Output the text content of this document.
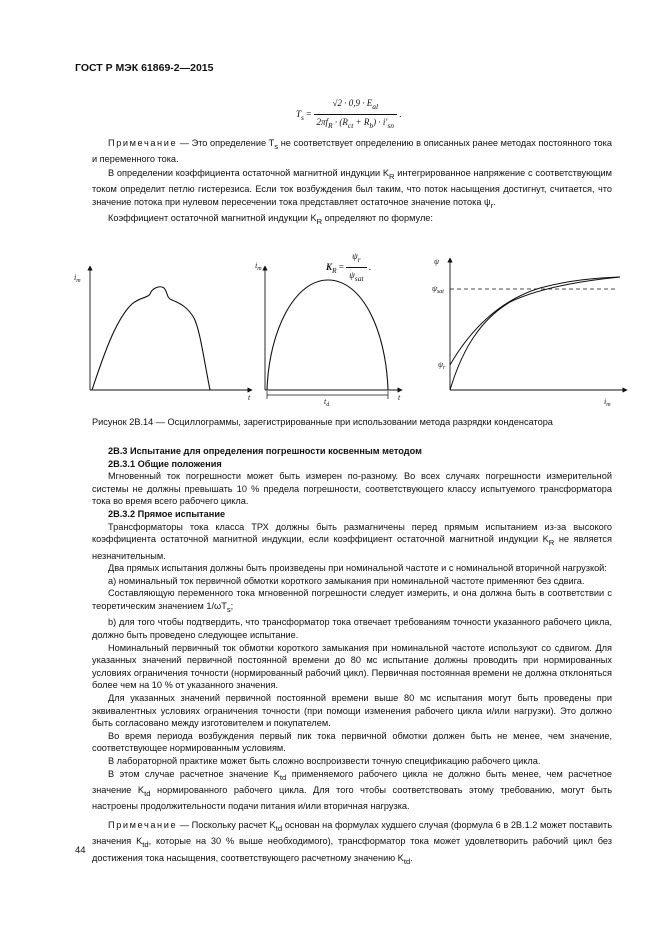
ГОСТ Р МЭК 61869-2—2015
$T_s = \frac{√2 \cdot 0,9 \cdot E_{al}}{2\pi f_R \cdot (R_{ct} + R_b) \cdot i'_{sn}}$ .

Примечание — Это определение $T_s$ не соответствует определению в описанных ранее методах постоянного тока и переменного тока.

В определении коэффициента остаточной магнитной индукции $K_R$ интегрированное напряжение с соответствующим током определит петлю гистерезиса. Если ток возбуждения был таким, что поток насыщения достигнут, считается, что значение потока при нулевом пересечении тока представляет остаточное значение потока $\psi_r$.

Коэффициент остаточной магнитной индукции $K_R$ определяют по формуле:

$K_R = \frac{\psi_r}{\psi_{sat}}$ .
$i_m$
t	$t_d$
$i_m$
t
ψ
$\psi_{sat}$
$\psi_r$
$i_m$
Рисунок 2В.14 — Осциллограммы, зарегистрированные при использовании метода разрядки конденсатора

2В.3 Испытание для определения погрешности косвенным методом

2В.3.1 Общие положения

Мгновенный ток погрешности может быть измерен по-разному. Во всех случаях погрешности измерительной системы не должны превышать 10 % предела погрешности, соответствующего классу испытуемого трансформатора тока во время всего рабочего цикла.

2В.3.2 Прямое испытание

Трансформаторы тока класса ТРХ должны быть размагничены перед прямым испытанием из-за высокого коэффициента остаточной магнитной индукции, если коэффициент остаточной магнитной индукции $K_R$ не является незначительным.

Два прямых испытания должны быть произведены при номинальной частоте и с номинальной вторичной нагрузкой:

а) номинальный ток первичной обмотки короткого замыкания при номинальной частоте применяют без сдвига.

Составляющую переменного тока мгновенной погрешности следует измерить, и она должна быть в соответствии с теоретическим значением $1/\omega T_s$;

b) для того чтобы подтвердить, что трансформатор тока отвечает требованиям точности указанного рабочего цикла, должно быть проведено следующее испытание.

Номинальный первичный ток обмотки короткого замыкания при номинальной частоте используют со сдвигом. Для указанных значений первичной постоянной времени до 80 мс испытание должны проводить при нормированных условиях ограничения точности (нормированный рабочий цикл). Первичная постоянная времени не должна отклоняться более чем на 10 % от указанного значения.

Для указанных значений первичной постоянной времени выше 80 мс испытания могут быть проведены при эквивалентных условиях ограничения точности (при помощи изменения рабочего цикла и/или нагрузки). Это должно быть согласовано между изготовителем и покупателем.

Во время периода возбуждения первый пик тока первичной обмотки должен быть не менее, чем значение, соответствующее нормированным условиям.

В лабораторной практике может быть сложно воспроизвести точную спецификацию рабочего цикла.

В этом случае расчетное значение $K_{td}$ применяемого рабочего цикла не должно быть менее, чем расчетное значение $K_{td}$ нормированного рабочего цикла. Для того чтобы соответствовать этому требованию, могут быть настроены продолжительности подачи питания и/или вторичная нагрузка.

Примечание — Поскольку расчет $K_{td}$ основан на формулах худшего случая (формула 6 в 2В.1.2 может поставить значения $K_{td}$, которые на 30 % выше необходимого), трансформатор тока может удовлетворить рабочий цикл без достижения тока насыщения, соответствующего расчетному значению $K_{td}$.

44
